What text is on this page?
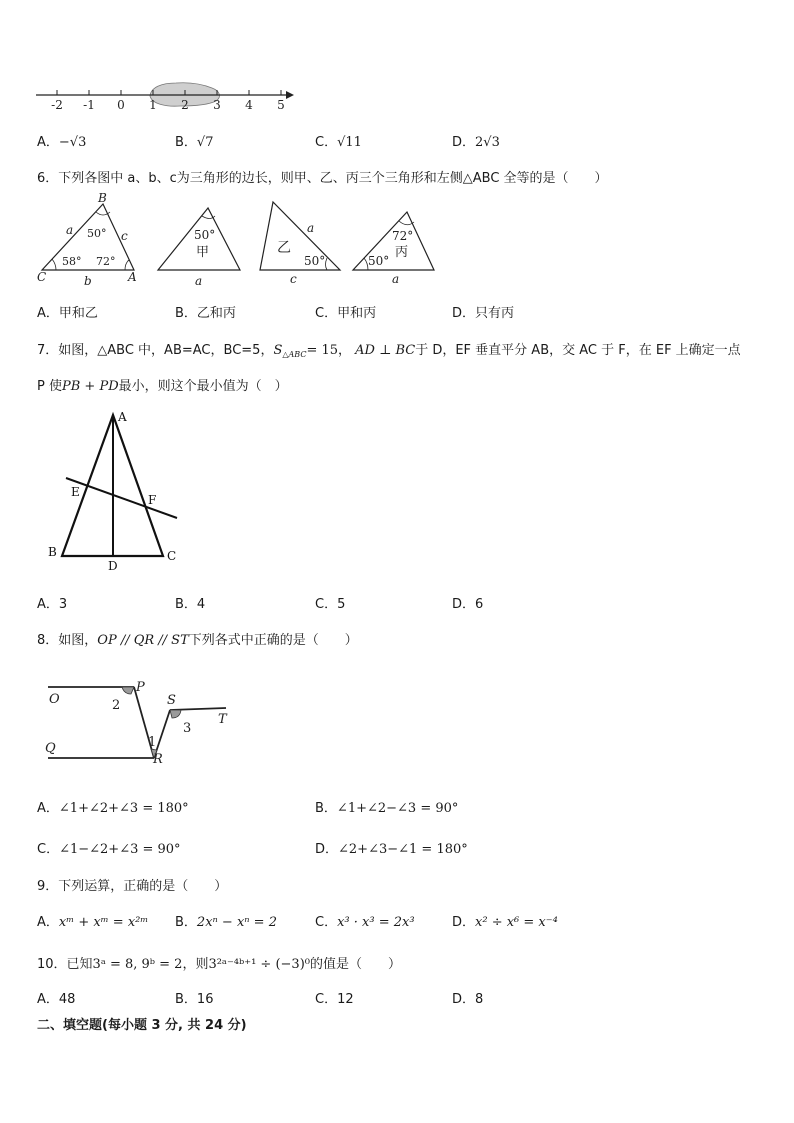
-2 -1 0 1 2 3 4 5
A．−√3	B．√7	C．√11	D．2√3
6．下列各图中 a、b、c为三角形的边长，则甲、乙、丙三个三角形和左侧△ABC 全等的是（　　）
B
C	A
a	c
b
50°
58° 72°
50°
甲
a
乙
a
50°
c
72°
丙
50°
a
A．甲和乙	B．乙和丙	C．甲和丙	D．只有丙
7．如图，△ABC 中，AB=AC，BC=5，$S_{\triangle ABC}= 15$， AD ⊥ BC于 D，EF 垂直平分 AB，交 AC 于 F，在 EF 上确定一点
P 使PB + PD最小，则这个最小值为（　）
A
E
F
B
D
C
A．3	B．4	C．5	D．6
8．如图，OP // QR // ST下列各式中正确的是（　　）
O
P
S
T
Q
R
2
3
1
A．∠1+∠2+∠3 = 180°	B．∠1+∠2−∠3 = 90°
C．∠1−∠2+∠3 = 90°	D．∠2+∠3−∠1 = 180°
9．下列运算，正确的是（　　）
A．xᵐ + xᵐ = x²ᵐ B．2xⁿ − xⁿ = 2	C．x³ · x³ = 2x³	D．x² ÷ x⁶ = x⁻⁴
10．已知3ᵃ = 8, 9ᵇ = 2，则3²ᵃ⁻⁴ᵇ⁺¹ ÷ (−3)⁰的值是（　　）
A．48	B．16	C．12	D．8
二、填空题(每小题 3 分, 共 24 分)
